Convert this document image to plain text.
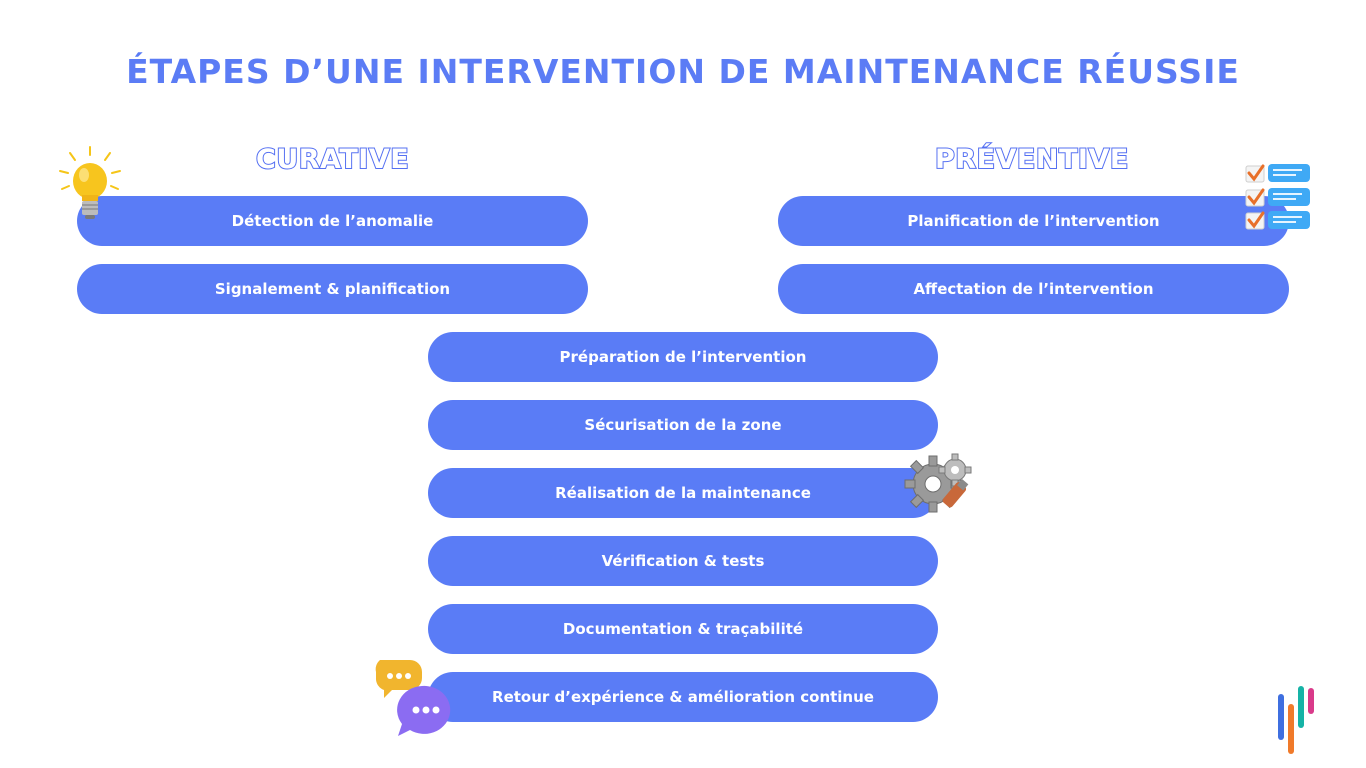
ÉTAPES D’UNE INTERVENTION DE MAINTENANCE RÉUSSIE
CURATIVE	PRÉVENTIVE
Détection de l’anomalie
Signalement & planification
Planification de l’intervention
Affectation de l’intervention
Préparation de l’intervention
Sécurisation de la zone
Réalisation de la maintenance
Vérification & tests
Documentation & traçabilité
Retour d’expérience & amélioration continue
